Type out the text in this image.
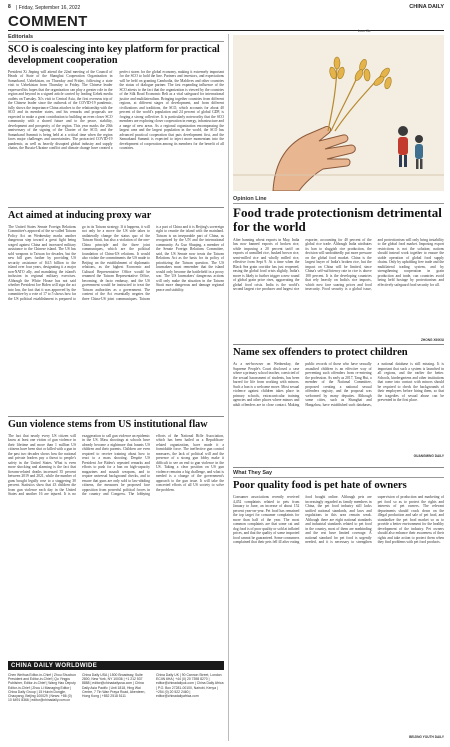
8 | Friday, September 16, 2022	CHINA DAILY
COMMENT
Editorials
SCO is coalescing into key platform for practical development cooperation
President Xi Jinping will attend the 22nd meeting of the Council of Heads of State of the Shanghai Cooperation Organization in Samarkand, Uzbekistan, on Thursday and Friday, following a state visit to Uzbekistan from Thursday to Friday. The Chinese leader expressed his hopes that the organization can play a greater role in the region and beyond in a signed article carried by leading Uzbek media outlets on Tuesday. Xi's visit to Central Asia, the first overseas trip of the Chinese leader since the outbreak of the COVID-19 pandemic, fully shows the importance China attaches to the relationship with the SCO and its member states, and his remarks and proposals are expected to make a great contribution to building an even closer SCO community with a shared future and to the peace, stability, development and prosperity of the region. This year marks the 20th anniversary of the signing of the Charter of the SCO, and the Samarkand Summit is being held at a critical time when the region faces major challenges and uncertainties. The protracted COVID-19 pandemic, as well as heavily disrupted global industry and supply chains, the Russia-Ukraine conflict and climate change have created a perfect storm for the global economy, making it extremely important for the SCO to hold the line. Partners and investors, and expectations will be held on granting Cambodia, the Maldives and other countries the status of dialogue partner. The fast expanding influence of the SCO attests to the fact that the organization is viewed by the countries of the Silk Road Economic Belt as a vital safeguard for international justice and multilateralism. Bringing together countries from different regions, at different stages of development, and from different civilizations and traditions, the SCO, which accounts for about 40 percent of the world's population and 24 percent of global GDP, is forging a strong collective. It is particularly noteworthy that the SCO members are exploring closer cooperation in energy, infrastructure and a range of new areas. As a regional organization encompassing the largest area and the largest population in the world, the SCO has advanced practical cooperation that puts development first, and the Samarkand Summit is expected to inject more momentum into the development of cooperation among its members for the benefit of all countries.
Act aimed at inducing proxy war
The United States Senate Foreign Relations Committee's approval of the so-called Taiwan Policy Act on Wednesday marks another dangerous step toward a great fight being waged against China and increased military assistance to the Chinese island. The US has sold weapons to Taiwan for decades, but the new bill goes further by providing US security assistance of $4.5 billion to the island over four years, designating it a major non-NATO ally, and mandating the island's inclusion in regional military exercises. Although the White House has not said whether President Joe Biden will sign the act into law, the fact that it was approved by the committee by a vote of 17 to 5 shows how far the US political establishment is prepared to go in its Taiwan strategy. If it happens, it will not only be a move the US side takes to unilaterally change the status quo of the Taiwan Strait, but also a violation of the one-China principle and the three joint communiques, which are the political foundation of China-US relations. It would also violate the commitments the US made to Beijing on the establishment of diplomatic relations, as the highest Economic and Cultural Representative Office would be renamed the Taiwan Representative Office, becoming, de facto embassy, and the US government would be instructed to treat the Taiwan authorities as a government. The content of the Act essentially negates the three China-US joint communiques. Taiwan is a part of China and it is Beijing's sovereign right to reunite the island with the mainland. Taiwan is an inseparable part of China, as recognized by the UN and the international community. As Guo Shuqing, a member of the Senate Foreign Relations Committee, said, the US Senate now treats the Taiwan Relations Act as the basis for its policy of prioritizing the Taiwan question. The US lawmakers must remember that the island would only become the battlefield in a proxy war. The US lawmakers' dangerous actions will only make the situation in the Taiwan Strait more dangerous and damage regional peace and stability.
Gun violence stems from US institutional flaw
The fact that nearly every US citizen will know at least one victim of gun violence in their lifetime and more than 1 million US citizens have been shot or killed with a gun in the past two decades shows how the national and private leaders pay a threat to people's safety in the United States. What is even more shocking and alarming is the fact that firearm-related deaths increased 35 percent between 2019 and 2021, while the number of guns bought legally rose to a staggering 30 percent. Statistics show that 43 children die from gun violence each day in the United States and another 16 are injured. It is no exaggeration to call gun violence an epidemic in the US. Mass shootings at schools have already become a nightmare that haunts US children and their parents. Children are even required to receive training about how to react to a mass shooting. Despite US President Joe Biden's repeated remarks and efforts to push for a ban on high-capacity magazines and assault weapons, and to require universal background checks, and to ensure that guns are only sold to law-abiding citizens, the measures he proposed face opposition from powerful political forces in the country and Congress. The lobbying efforts of the National Rifle Association, which has been hailed as a Republican-related organization, have made it a formidable force. The ineffective gun control measures, the lack of political will and the presence of a strong gun lobby make it difficult to see an end to gun violence in the US. Taking a clear position on US gun violence remains a big challenge, and what is needed is a change of the government's approach to the gun issue. It will take the concerted efforts of all US society to solve the problem.
CHINA DAILY WORLDWIDE
Chen Weihua Editor-in-Chief | Zhou Shuchun President and Editor-in-Chief | Qu Yingpu Publisher, Editor-in-Chief | Wang Hao Deputy Editor-in-Chief | Zhou Li Managing Editor | China Daily Group | 15 Huixin Dongjie, Chaoyang, Beijing 100029 | News: +86 (0) 10 6491 8366 | editor@chinadaily.com.cn
China Daily USA | 1500 Broadway, Suite 2800, New York, NY 10036 | +1 212 537 8888 | editor@chinadailyusa.com | China Daily Asia Pacific | Unit 1818, Hing Wai Centre, 7 Tin Wan Praya Road, Aberdeen, Hong Kong | +852 2518 5111
China Daily UK | 90 Cannon Street, London EC4N 6HA | +44 (0) 20 7398 8270 | editor@chinadailyuk.com | China Daily Africa | P.O. Box 27281-00100, Nairobi, Kenya | +254 (0) 20 522 2460 | editor@chinadailyafrica.com
Luo Jie
Opinion Line
Food trade protectionism detrimental for the world
After banning wheat exports in May, India has now banned exports of broken rice, while imposing a 20 percent tariff on exports of unmilled rice, husked brown rice, semi-milled rice and wholly milled rice, effective from Sept 9. At a time when the Black Sea grain corridor has just reopened, easing the global food crisis slightly, India's move is likely to further trigger a new round of global grain price rises, aggravating the global food crisis. India is the world's second largest rice producer and largest rice exporter, accounting for 40 percent of the global rice trade. Although India attributes its ban to sluggish rice production, the decision will undoubtedly put more pressure on the global food market. China is the largest buyer of India's broken rice, but the impact on China will be limited, since China's self-sufficiency rate in rice is above 100 percent. It is the developing countries that rely heavily on India's rice imports, which now face soaring prices and food insecurity. Food security is a global issue, and protectionism will only bring instability to the global food market. Imposing export restrictions is not the solution; nations should instead work together to ensure the stable operation of global food supply chains. Only by upholding free trade and the multilateral trading system, and by strengthening cooperation in grain production and trade, can countries avoid being held hostage by protectionism and effectively safeguard food security for all.
ZHONG XINXIU
Name sex offenders to protect children
As a net-browser on Wednesday, the Supreme People's Court disclosed a case where a primary school teacher, convicted of the sexual harassment of students, has been barred for life from working with minors. Such a ban is a welcome move. Most sexual violence against children takes place in primary schools, extracurricular training agencies and other places where minors and adult offenders are in close contact. Making public records of those who have sexually assaulted children is an effective way of preventing such offenders from re-entering the profession. As early as 2017, Tang Hui, a member of the National Committee, proposed creating a national sexual offenders registry, and the proposal was welcomed by many deputies. Although some cities, such as Shanghai and Hangzhou, have established such databases, a national database is still missing. It is important that such a system is launched in all regions, and the earlier the better. Schools, kindergartens and other institutions that come into contact with minors should be required to check the backgrounds of their employees before hiring them, so that the tragedies of sexual abuse can be prevented in the first place.
GUANGMING DAILY
What They Say
Poor quality food is pet hate of owners
Consumer associations recently received 4,452 complaints related to pets from January to June, an increase of about 152 percent year-on-year. Pet food has remained the top target for consumer complaints for more than half of the year. The most common complaints are that some cat and dog food is of poor quality or sold at inflated prices, and that the quality of some imported food cannot be guaranteed. Some consumers complained that their pets fell ill after eating food bought online. Although pets are increasingly regarded as family members in China, the pet food industry still lacks unified national standards, and laws and regulations in this area remain weak. Although there are eight national standards and industrial standards related to pet food in the country, most of them are nonbinding and the rest have limited coverage. A national standard for pet food is urgently needed, and it is necessary to strengthen supervision of production and marketing of pet food so as to protect the rights and interests of pet owners. The relevant departments should crack down on the illegal production and sale of pet food, and standardize the pet food market so as to provide a better environment for the healthy development of the industry. Pet owners should also enhance their awareness of their rights and take action to protect them when they find problems with pet food products.
BEIJING YOUTH DAILY
